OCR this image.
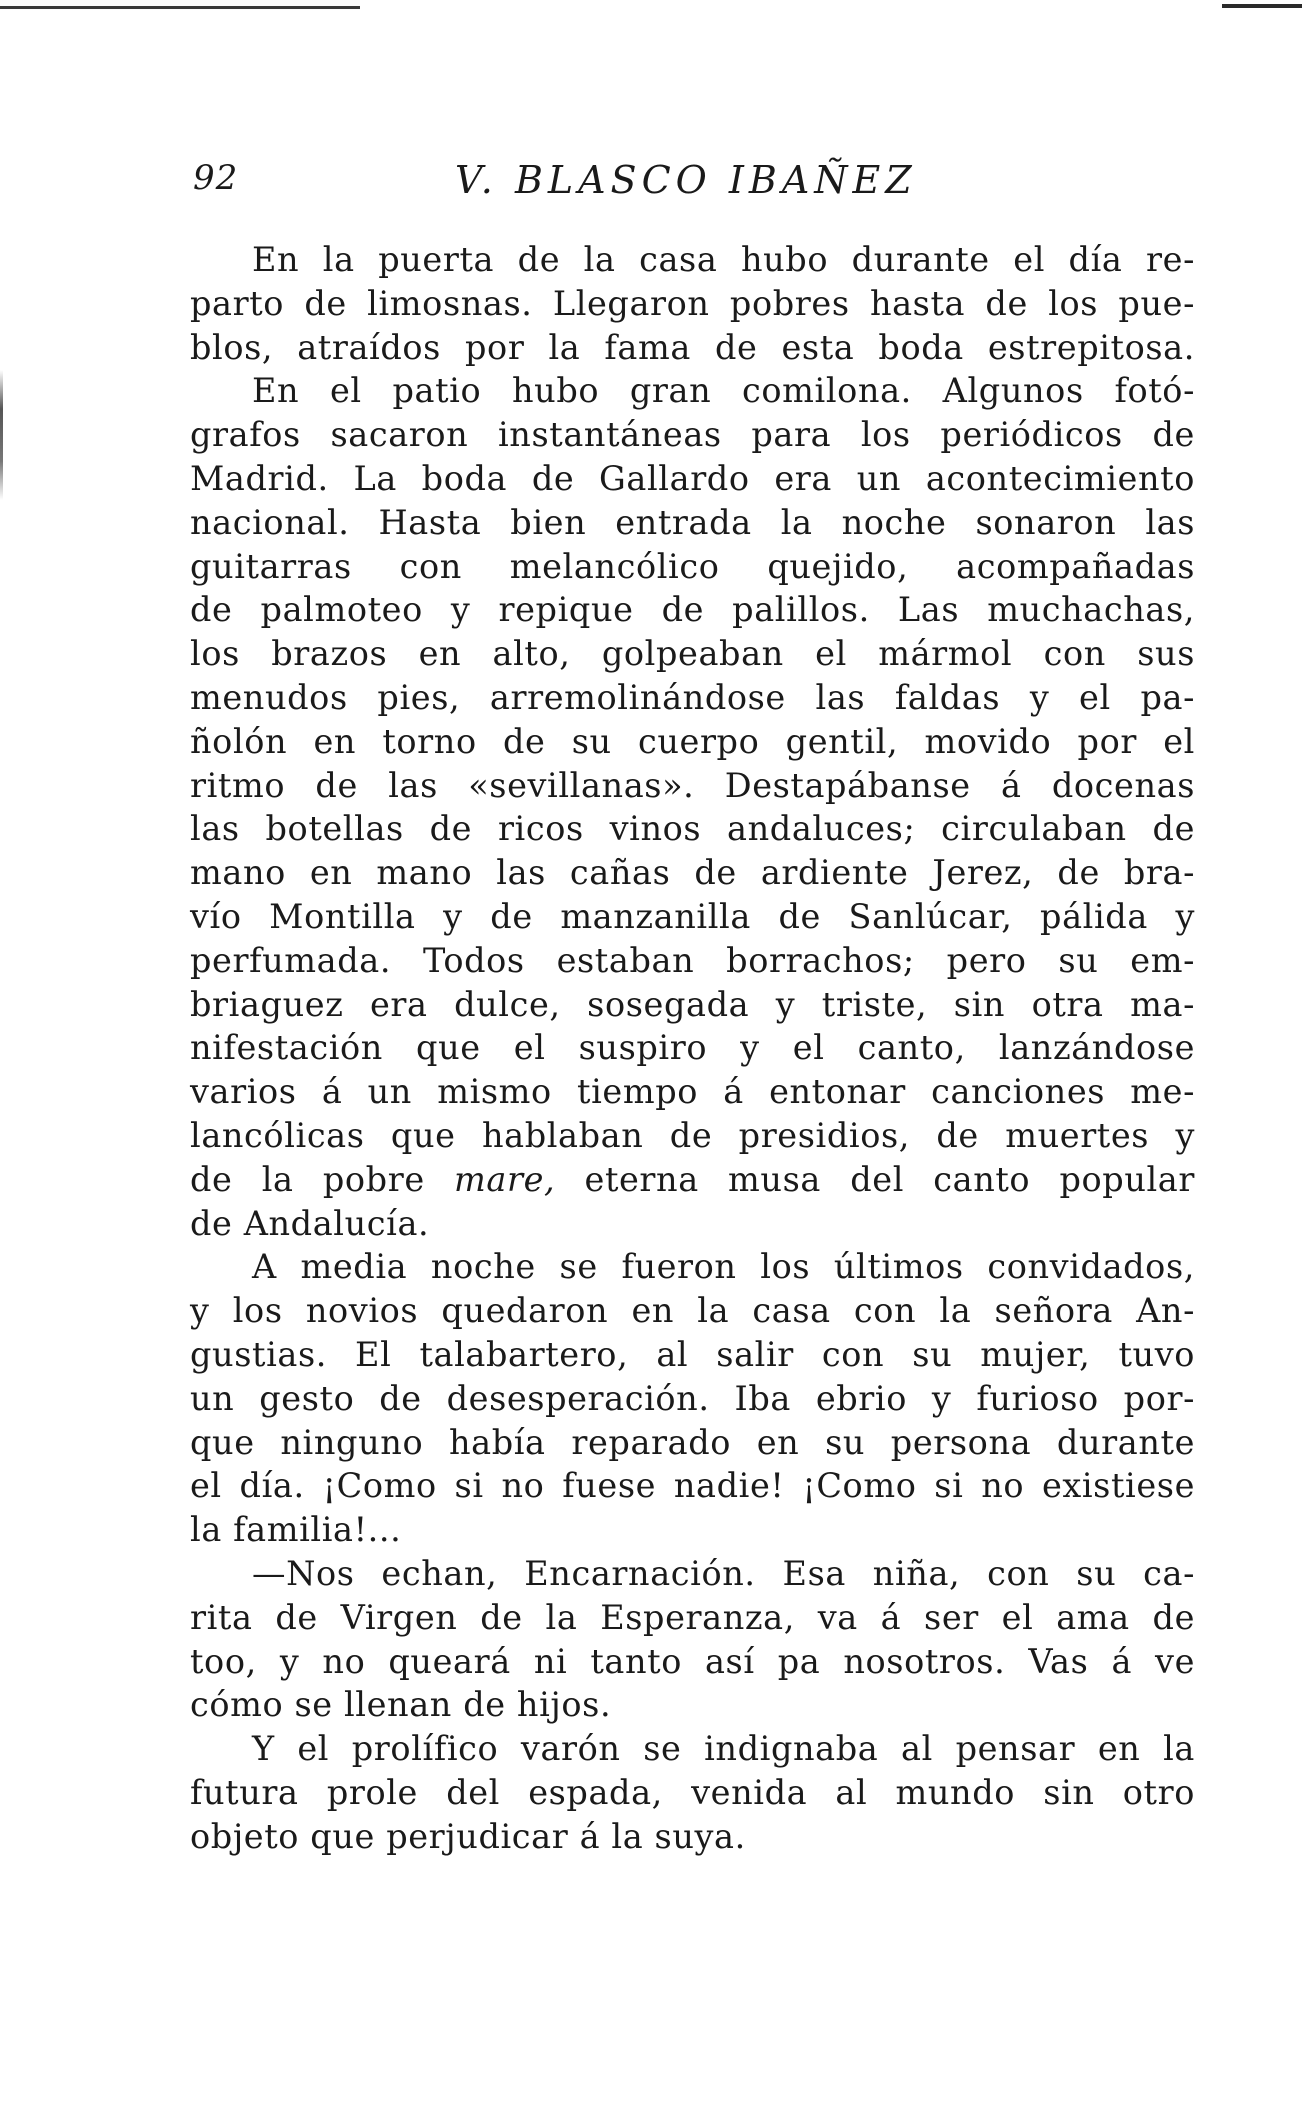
92	V. BLASCO IBAÑEZ
En la puerta de la casa hubo durante el día re-
parto de limosnas. Llegaron pobres hasta de los pue-
blos, atraídos por la fama de esta boda estrepitosa.
En el patio hubo gran comilona. Algunos fotó-
grafos sacaron instantáneas para los periódicos de
Madrid. La boda de Gallardo era un acontecimiento
nacional. Hasta bien entrada la noche sonaron las
guitarras con melancólico quejido, acompañadas
de palmoteo y repique de palillos. Las muchachas,
los brazos en alto, golpeaban el mármol con sus
menudos pies, arremolinándose las faldas y el pa-
ñolón en torno de su cuerpo gentil, movido por el
ritmo de las «sevillanas». Destapábanse á docenas
las botellas de ricos vinos andaluces; circulaban de
mano en mano las cañas de ardiente Jerez, de bra-
vío Montilla y de manzanilla de Sanlúcar, pálida y
perfumada. Todos estaban borrachos; pero su em-
briaguez era dulce, sosegada y triste, sin otra ma-
nifestación que el suspiro y el canto, lanzándose
varios á un mismo tiempo á entonar canciones me-
lancólicas que hablaban de presidios, de muertes y
de la pobre mare, eterna musa del canto popular
de Andalucía.
A media noche se fueron los últimos convidados,
y los novios quedaron en la casa con la señora An-
gustias. El talabartero, al salir con su mujer, tuvo
un gesto de desesperación. Iba ebrio y furioso por-
que ninguno había reparado en su persona durante
el día. ¡Como si no fuese nadie! ¡Como si no existiese
la familia!...
—Nos echan, Encarnación. Esa niña, con su ca-
rita de Virgen de la Esperanza, va á ser el ama de
too, y no queará ni tanto así pa nosotros. Vas á ve
cómo se llenan de hijos.
Y el prolífico varón se indignaba al pensar en la
futura prole del espada, venida al mundo sin otro
objeto que perjudicar á la suya.
